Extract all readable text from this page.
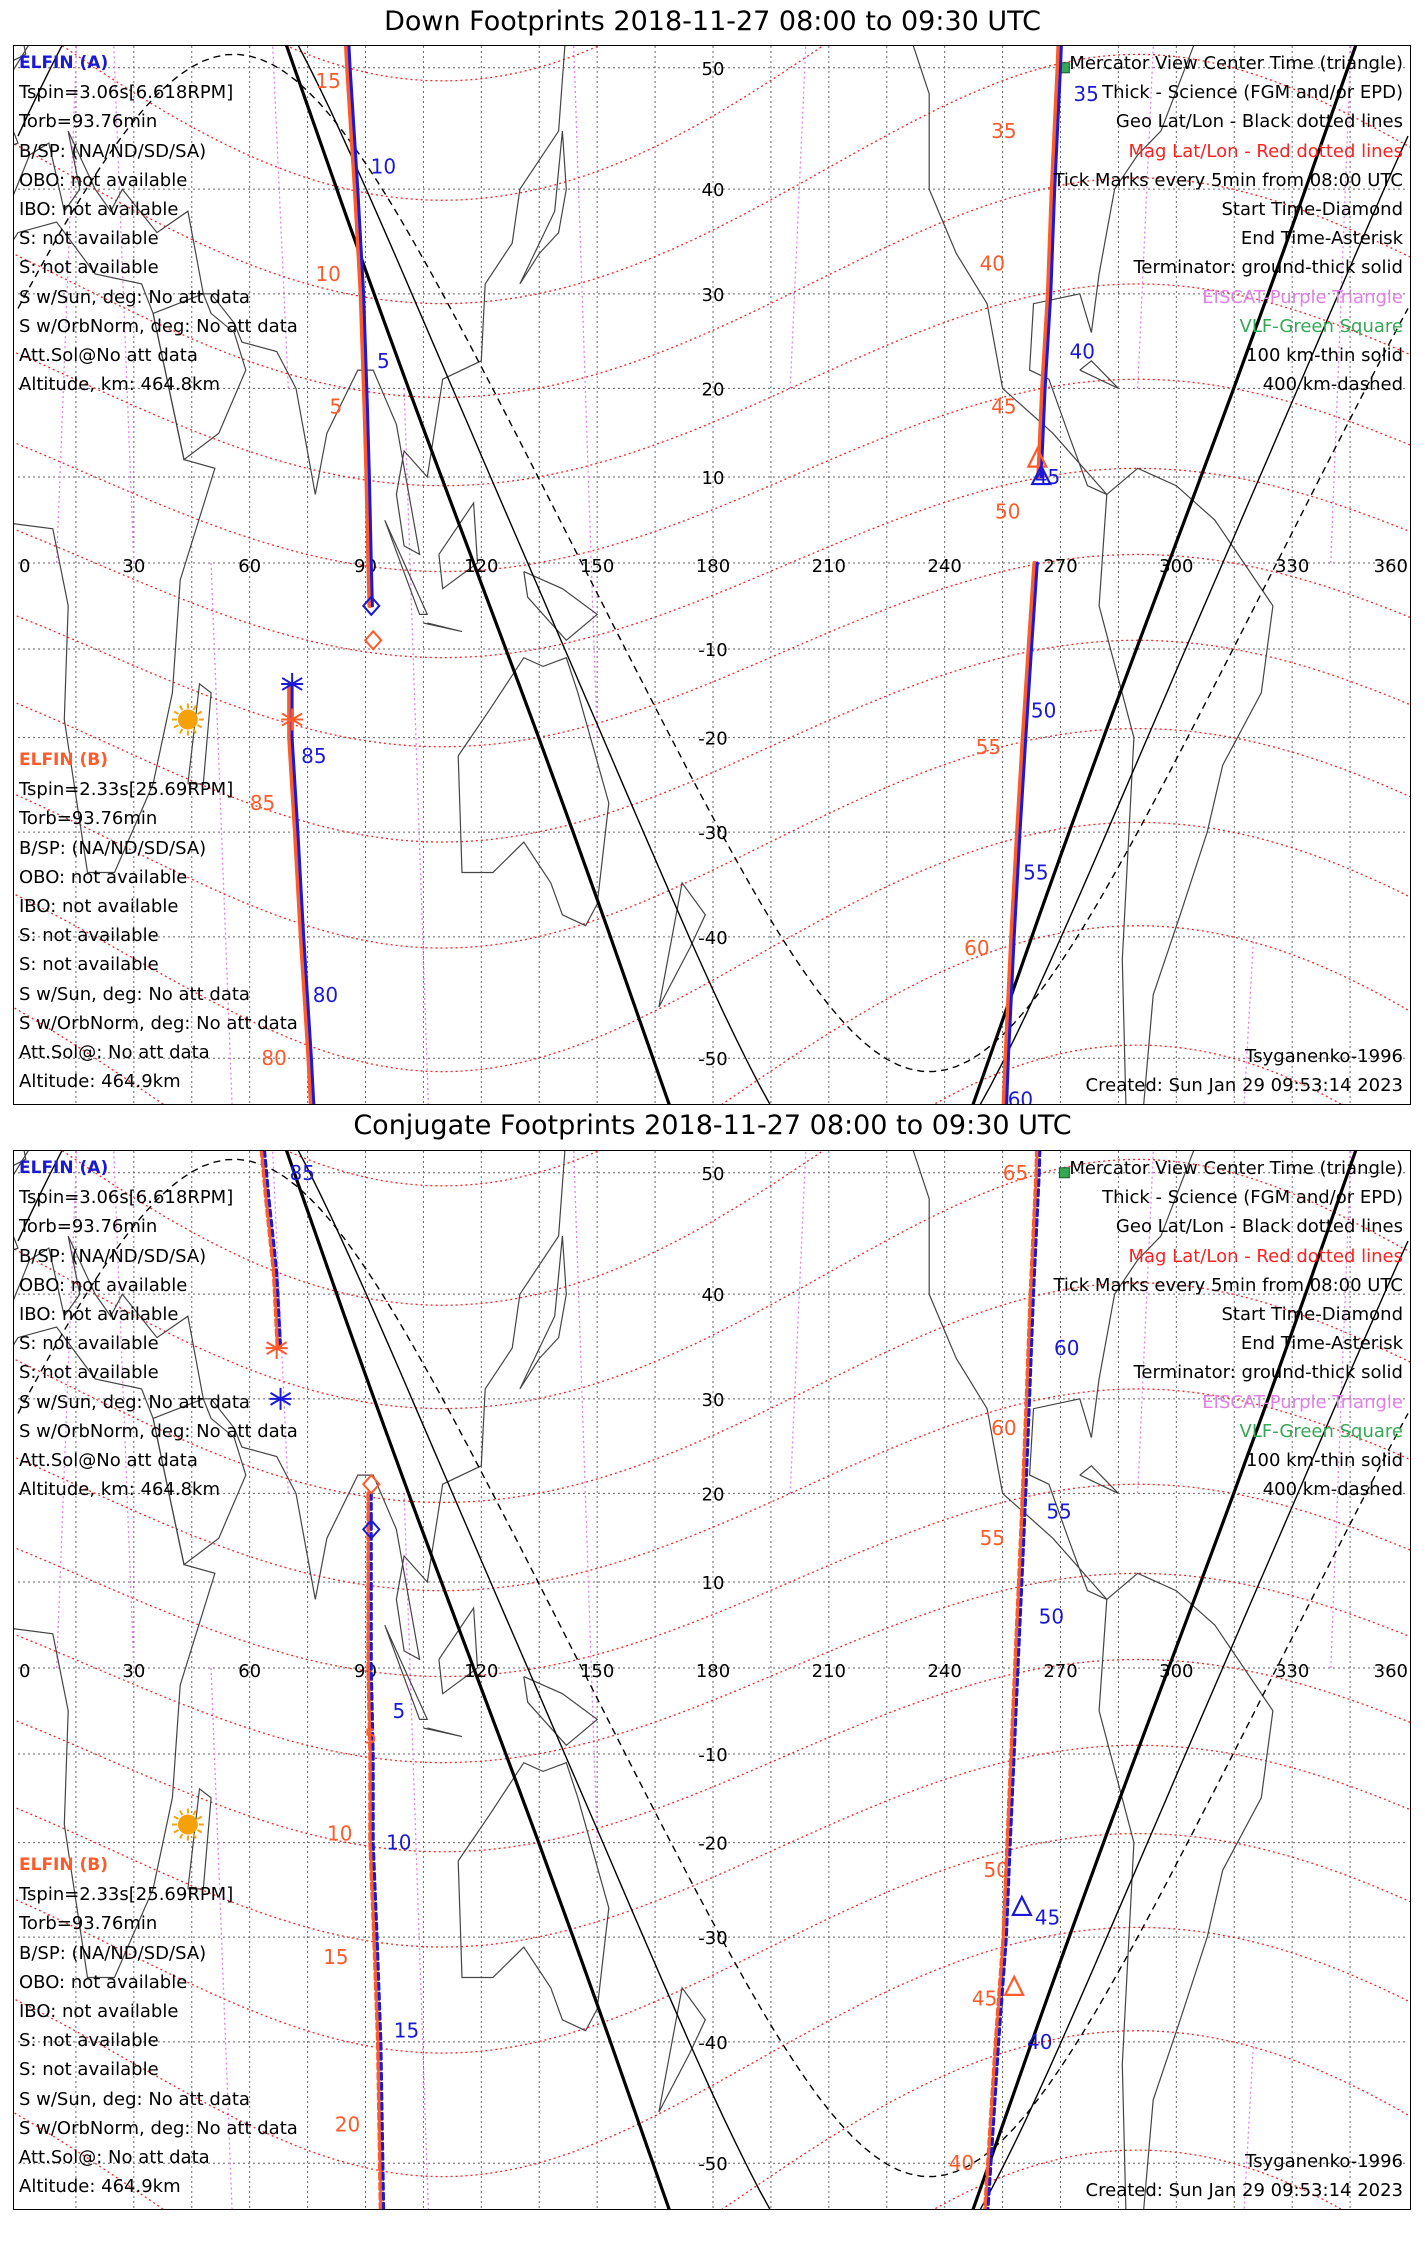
Down Footprints 2018-11-27 08:00 to 09:30 UTC
0	30	60	90	120	150	180	210	240	270	300	330	360
50
40
30
20
10
-10
-20
-30
-40
-50
5
10
85
80
40
35
45
50
55
60
15
10
5
85
80
35
40
45
50
55
60
ELFIN (A)
Tspin=3.06s[6.618RPM]
Torb=93.76min
B/SP: (NA/ND/SD/SA)
OBO: not available
IBO: not available
S: not available
S: not available
S w/Sun, deg: No att data
S w/OrbNorm, deg: No att data
Att.Sol@No att data
Altitude, km: 464.8km
ELFIN (B)
Tspin=2.33s[25.69RPM]
Torb=93.76min
B/SP: (NA/ND/SD/SA)
OBO: not available
IBO: not available
S: not available
S: not available
S w/Sun, deg: No att data
S w/OrbNorm, deg: No att data
Att.Sol@: No att data
Altitude: 464.9km
Mercator View Center Time (triangle)
Thick - Science (FGM and/or EPD)
Geo Lat/Lon - Black dotted lines
Mag Lat/Lon - Red dotted lines
Tick Marks every 5min from 08:00 UTC
Start Time-Diamond
End Time-Asterisk
Terminator: ground-thick solid
EISCAT-Purple Triangle
VLF-Green Square
100 km-thin solid
400 km-dashed
Tsyganenko-1996
Created: Sun Jan 29 09:53:14 2023
Conjugate Footprints 2018-11-27 08:00 to 09:30 UTC
0	30	60	90	120	150	180	210	240	270	300	330	360
50
40
30
20
10
-10
-20
-30
-40
-50
85
5
10
15
60
55
50
45
40
5
10
15
20
65
60
55
50
45
40
ELFIN (A)
Tspin=3.06s[6.618RPM]
Torb=93.76min
B/SP: (NA/ND/SD/SA)
OBO: not available
IBO: not available
S: not available
S: not available
S w/Sun, deg: No att data
S w/OrbNorm, deg: No att data
Att.Sol@No att data
Altitude, km: 464.8km
ELFIN (B)
Tspin=2.33s[25.69RPM]
Torb=93.76min
B/SP: (NA/ND/SD/SA)
OBO: not available
IBO: not available
S: not available
S: not available
S w/Sun, deg: No att data
S w/OrbNorm, deg: No att data
Att.Sol@: No att data
Altitude: 464.9km
Mercator View Center Time (triangle)
Thick - Science (FGM and/or EPD)
Geo Lat/Lon - Black dotted lines
Mag Lat/Lon - Red dotted lines
Tick Marks every 5min from 08:00 UTC
Start Time-Diamond
End Time-Asterisk
Terminator: ground-thick solid
EISCAT-Purple Triangle
VLF-Green Square
100 km-thin solid
400 km-dashed
Tsyganenko-1996
Created: Sun Jan 29 09:53:14 2023
